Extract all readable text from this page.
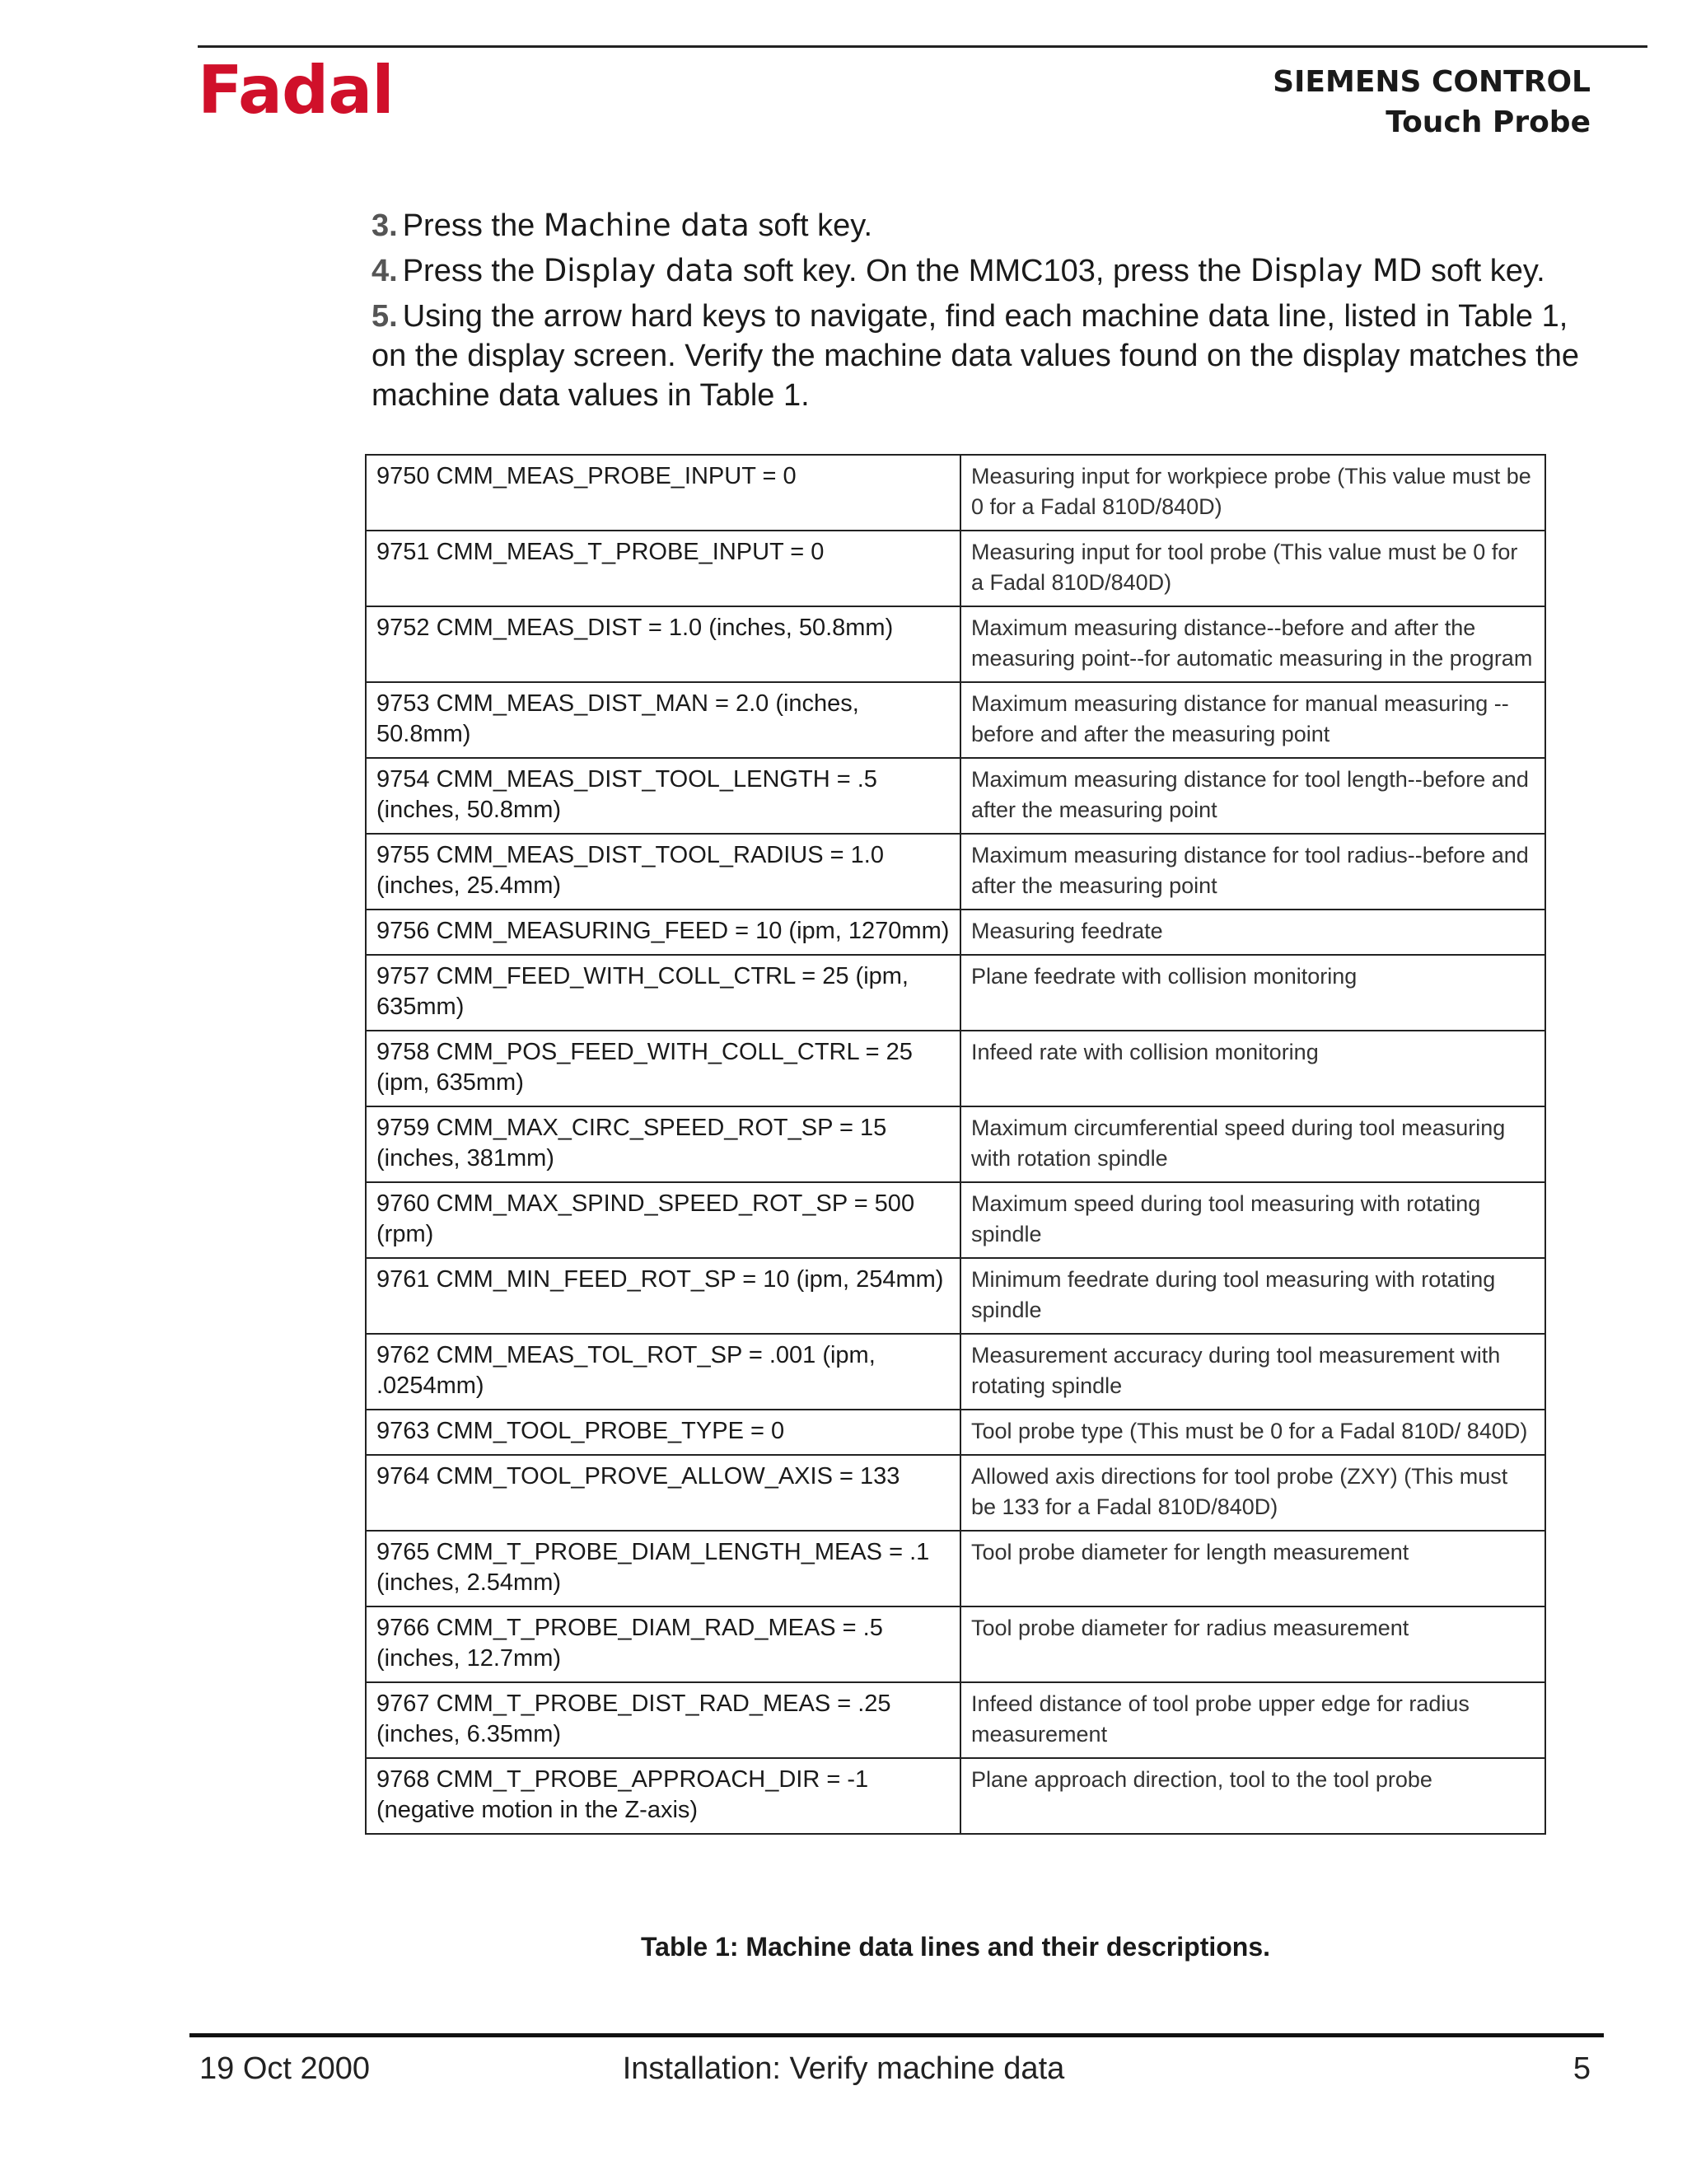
Fadal	SIEMENS CONTROL
Touch Probe
3. Press the Machine data soft key.
4. Press the Display data soft key. On the MMC103, press the Display MD soft key.
5. Using the arrow hard keys to navigate, find each machine data line, listed in Table 1, on the display screen. Verify the machine data values found on the display matches the machine data values in Table 1.
9750 CMM_MEAS_PROBE_INPUT = 0	Measuring input for workpiece probe (This value must be 0 for a Fadal 810D/840D)
9751 CMM_MEAS_T_PROBE_INPUT = 0	Measuring input for tool probe (This value must be 0 for a Fadal 810D/840D)
9752 CMM_MEAS_DIST = 1.0 (inches, 50.8mm)	Maximum measuring distance--before and after the measuring point--for automatic measuring in the program
9753 CMM_MEAS_DIST_MAN = 2.0 (inches, 50.8mm)	Maximum measuring distance for manual measuring --before and after the measuring point
9754 CMM_MEAS_DIST_TOOL_LENGTH = .5 (inches, 50.8mm)	Maximum measuring distance for tool length--before and after the measuring point
9755 CMM_MEAS_DIST_TOOL_RADIUS = 1.0 (inches, 25.4mm)	Maximum measuring distance for tool radius--before and after the measuring point
9756 CMM_MEASURING_FEED = 10 (ipm, 1270mm)	Measuring feedrate
9757 CMM_FEED_WITH_COLL_CTRL = 25 (ipm, 635mm)	Plane feedrate with collision monitoring
9758 CMM_POS_FEED_WITH_COLL_CTRL = 25 (ipm, 635mm)	Infeed rate with collision monitoring
9759 CMM_MAX_CIRC_SPEED_ROT_SP = 15 (inches, 381mm)	Maximum circumferential speed during tool measuring with rotation spindle
9760 CMM_MAX_SPIND_SPEED_ROT_SP = 500 (rpm)	Maximum speed during tool measuring with rotating spindle
9761 CMM_MIN_FEED_ROT_SP = 10 (ipm, 254mm)	Minimum feedrate during tool measuring with rotating spindle
9762 CMM_MEAS_TOL_ROT_SP = .001 (ipm, .0254mm)	Measurement accuracy during tool measurement with rotating spindle
9763 CMM_TOOL_PROBE_TYPE = 0	Tool probe type (This must be 0 for a Fadal 810D/ 840D)
9764 CMM_TOOL_PROVE_ALLOW_AXIS = 133	Allowed axis directions for tool probe (ZXY) (This must be 133 for a Fadal 810D/840D)
9765 CMM_T_PROBE_DIAM_LENGTH_MEAS = .1 (inches, 2.54mm)	Tool probe diameter for length measurement
9766 CMM_T_PROBE_DIAM_RAD_MEAS = .5 (inches, 12.7mm)	Tool probe diameter for radius measurement
9767 CMM_T_PROBE_DIST_RAD_MEAS = .25 (inches, 6.35mm)	Infeed distance of tool probe upper edge for radius measurement
9768 CMM_T_PROBE_APPROACH_DIR = -1 (negative motion in the Z-axis)	Plane approach direction, tool to the tool probe
Table 1: Machine data lines and their descriptions.
19 Oct 2000	Installation: Verify machine data	5
